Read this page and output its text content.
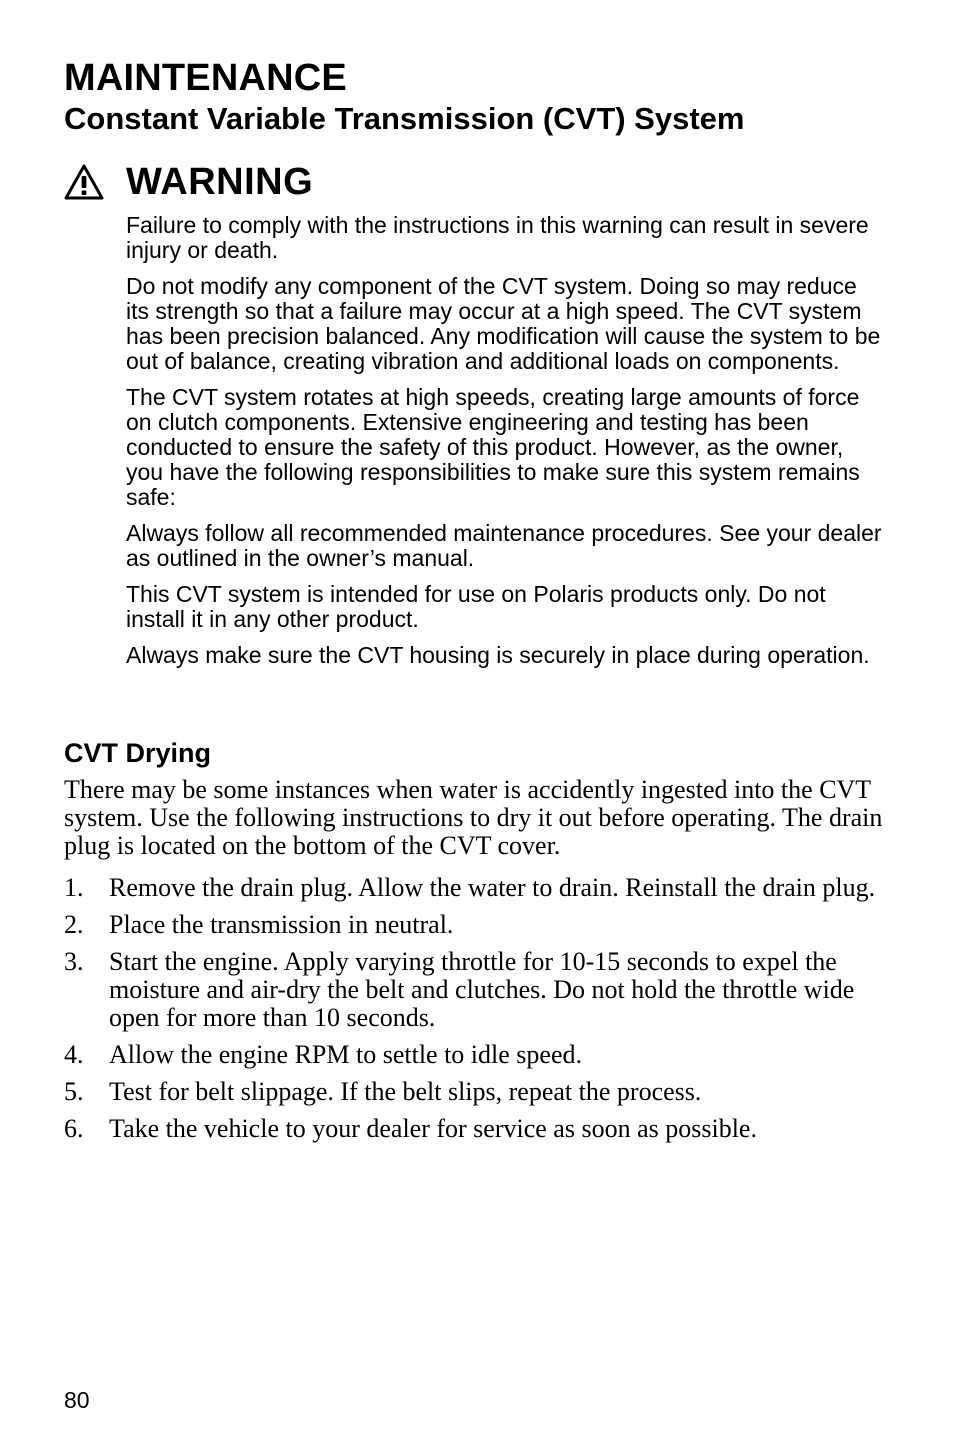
MAINTENANCE
Constant Variable Transmission (CVT) System
WARNING

Failure to comply with the instructions in this warning can result in severe injury or death.

Do not modify any component of the CVT system. Doing so may reduce its strength so that a failure may occur at a high speed. The CVT system has been precision balanced. Any modification will cause the system to be out of balance, creating vibration and additional loads on components.

The CVT system rotates at high speeds, creating large amounts of force on clutch components. Extensive engineering and testing has been conducted to ensure the safety of this product. However, as the owner, you have the following responsibilities to make sure this system remains safe:

Always follow all recommended maintenance procedures. See your dealer as outlined in the owner’s manual.

This CVT system is intended for use on Polaris products only. Do not install it in any other product.

Always make sure the CVT housing is securely in place during operation.

CVT Drying

There may be some instances when water is accidently ingested into the CVT system. Use the following instructions to dry it out before operating. The drain plug is located on the bottom of the CVT cover.

1. Remove the drain plug. Allow the water to drain. Reinstall the drain plug.
2. Place the transmission in neutral.
3. Start the engine. Apply varying throttle for 10-15 seconds to expel the moisture and air-dry the belt and clutches. Do not hold the throttle wide open for more than 10 seconds.
4. Allow the engine RPM to settle to idle speed.
5. Test for belt slippage. If the belt slips, repeat the process.
6. Take the vehicle to your dealer for service as soon as possible.
80
